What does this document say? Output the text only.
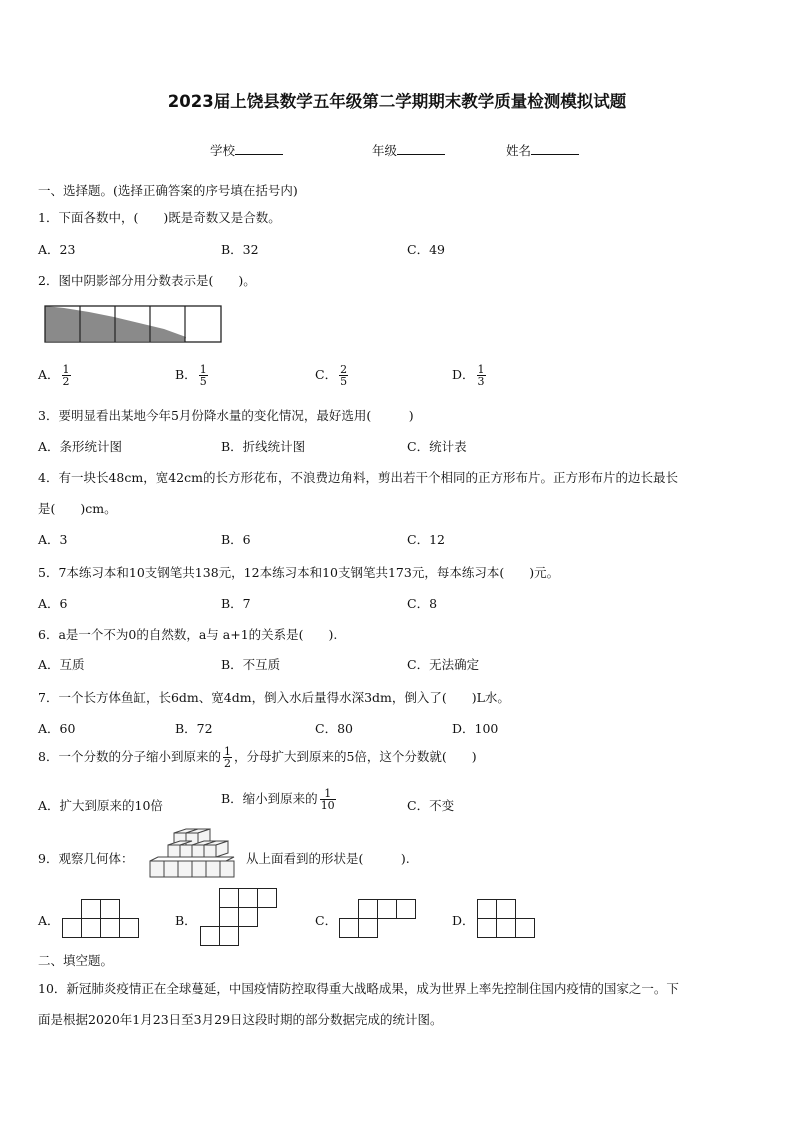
2023届上饶县数学五年级第二学期期末教学质量检测模拟试题
学校	年级	姓名
一、选择题。(选择正确答案的序号填在括号内)
1．下面各数中，(　　)既是奇数又是合数。
A．23	B．32	C．49
2．图中阴影部分用分数表示是(　　)。
A． $\frac{1}{2}$	B． $\frac{1}{5}$	C． $\frac{2}{5}$	D． $\frac{1}{3}$
3．要明显看出某地今年5月份降水量的变化情况，最好选用(　　　)
A．条形统计图	B．折线统计图	C．统计表
4．有一块长48cm，宽42cm的长方形花布，不浪费边角料，剪出若干个相同的正方形布片。正方形布片的边长最长
是(　　)cm。
A．3	B．6	C．12
5．7本练习本和10支钢笔共138元，12本练习本和10支钢笔共173元，每本练习本(　　)元。
A．6	B．7	C．8
6．a是一个不为0的自然数，a与 a+1的关系是(　　).
A．互质	B．不互质	C．无法确定
7．一个长方体鱼缸，长6dm、宽4dm，倒入水后量得水深3dm，倒入了(　　)L水。
A．60	B．72	C．80	D．100
8．一个分数的分子缩小到原来的 $\frac{1}{2}$ ，分母扩大到原来的5倍，这个分数就(　　)
A．扩大到原来的10倍	B．缩小到原来的 $\frac{1}{10}$	C．不变
9．观察几何体：	从上面看到的形状是(　　　).
A．	B．	C．	D．
二、填空题。
10．新冠肺炎疫情正在全球蔓延，中国疫情防控取得重大战略成果，成为世界上率先控制住国内疫情的国家之一。下
面是根据2020年1月23日至3月29日这段时期的部分数据完成的统计图。
